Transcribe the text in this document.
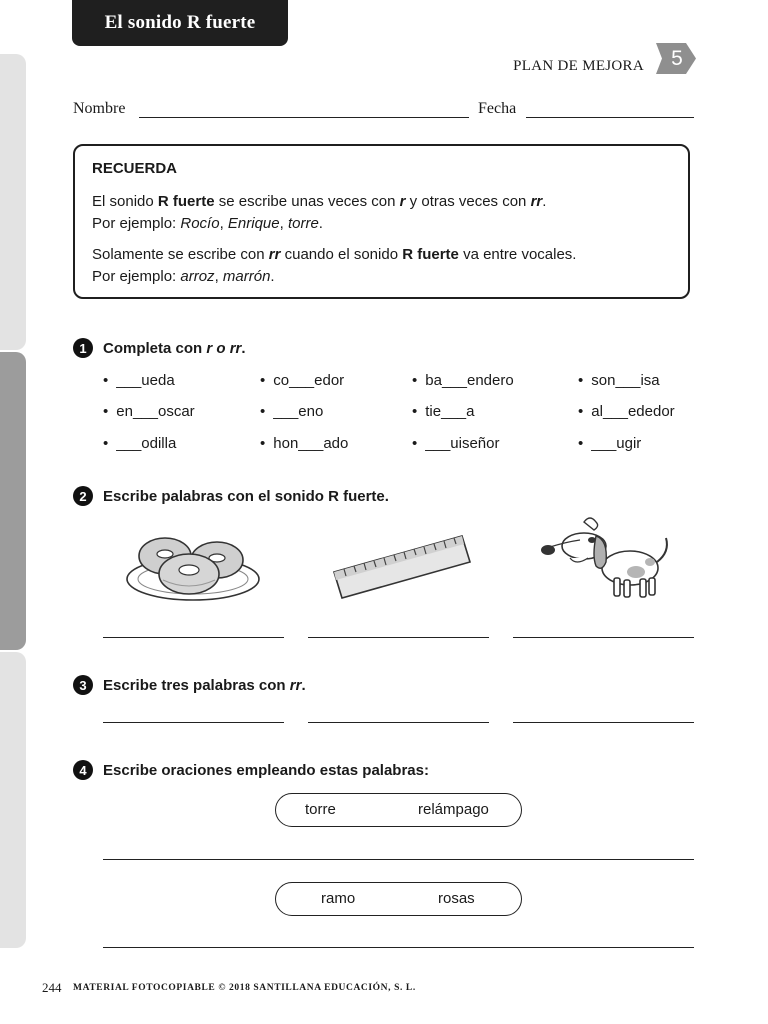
El sonido R fuerte
PLAN DE MEJORA	5
Nombre	Fecha
RECUERDA
El sonido R fuerte se escribe unas veces con r y otras veces con rr.
Por ejemplo: Rocío, Enrique, torre.
Solamente se escribe con rr cuando el sonido R fuerte va entre vocales.
Por ejemplo: arroz, marrón.
1	Completa con r o rr.
• ___ueda	• co___edor	• ba___endero	• son___isa
• en___oscar	• ___eno	• tie___a	• al___ededor
• ___odilla	• hon___ado	• ___uiseñor	• ___ugir
2	Escribe palabras con el sonido R fuerte.
3	Escribe tres palabras con rr.
4	Escribe oraciones empleando estas palabras:
torre	relámpago
ramo	rosas
244 MATERIAL FOTOCOPIABLE © 2018 SANTILLANA EDUCACIÓN, S. L.
